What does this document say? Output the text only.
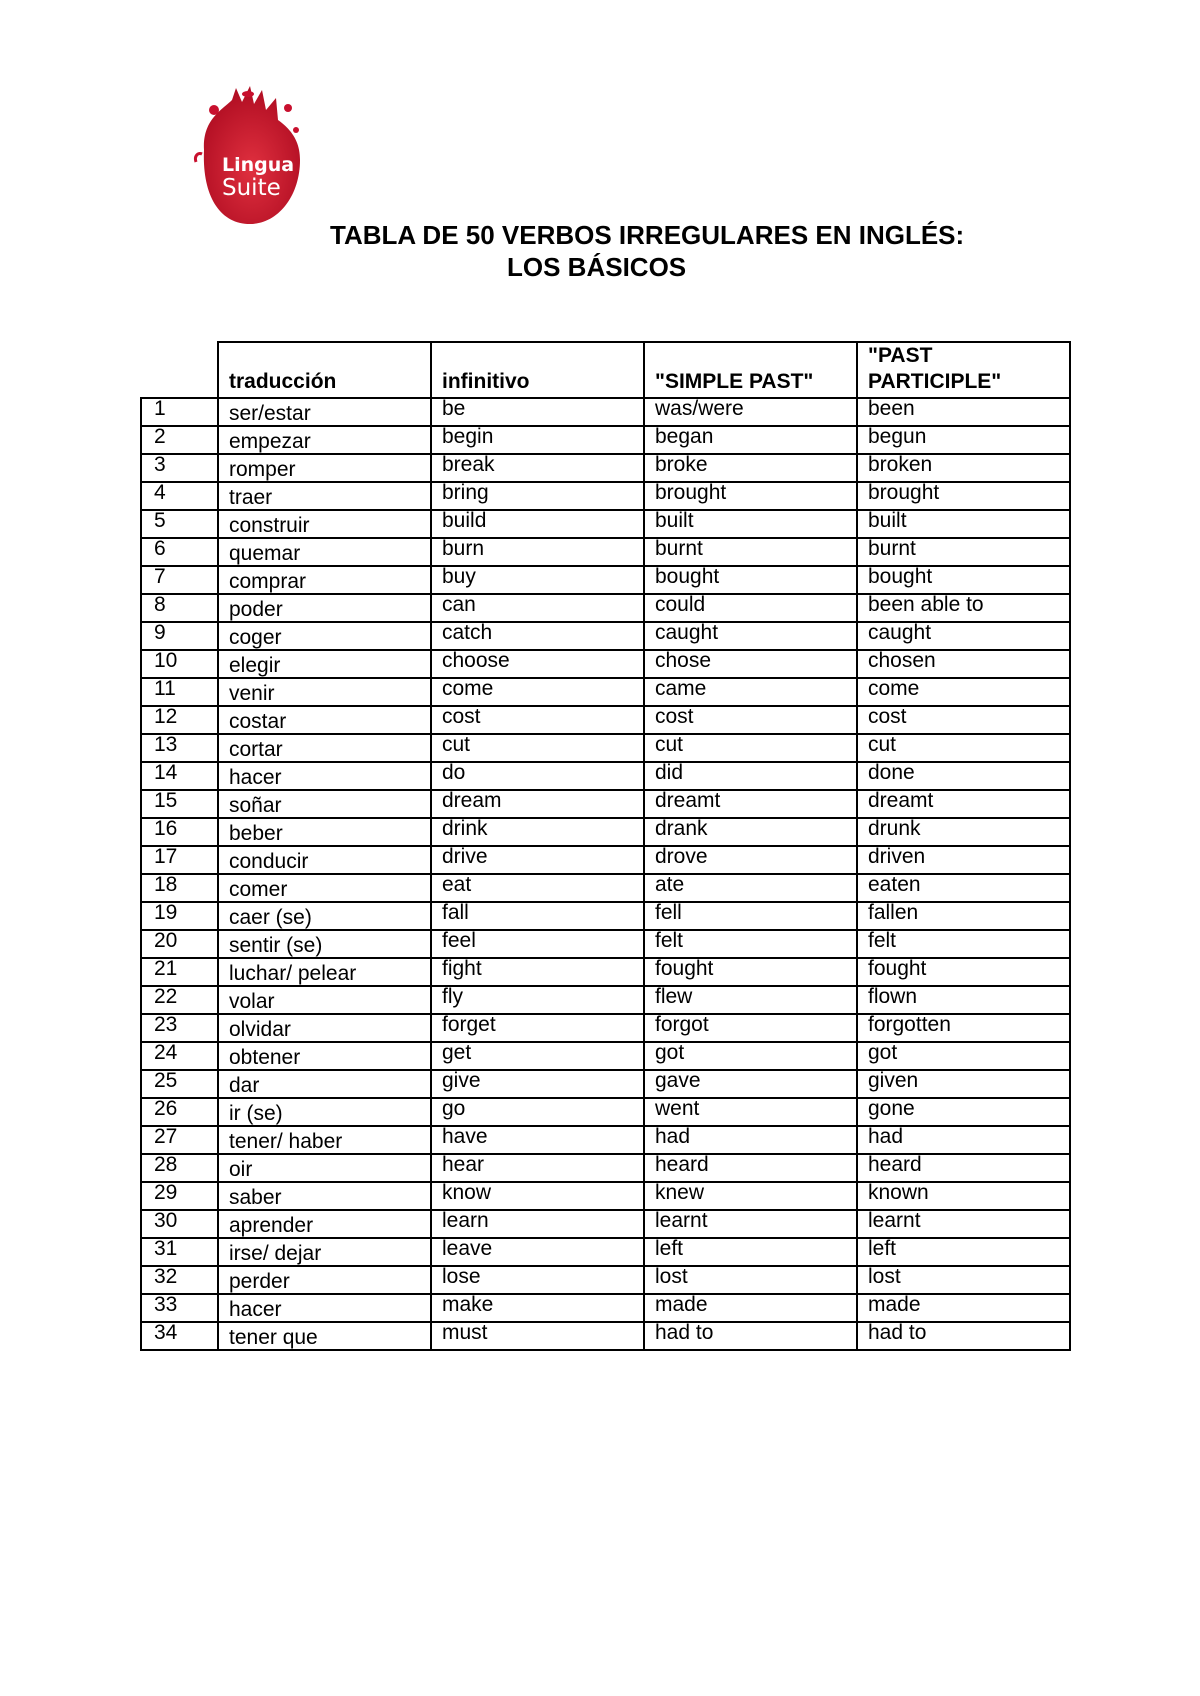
Lingua
Suite
TABLA DE 50 VERBOS IRREGULARES EN INGLÉS:
LOS BÁSICOS
	traducción	infinitivo	"SIMPLE PAST"	"PAST PARTICIPLE"
1	ser/estar	be	was/were	been
2	empezar	begin	began	begun
3	romper	break	broke	broken
4	traer	bring	brought	brought
5	construir	build	built	built
6	quemar	burn	burnt	burnt
7	comprar	buy	bought	bought
8	poder	can	could	been able to
9	coger	catch	caught	caught
10	elegir	choose	chose	chosen
11	venir	come	came	come
12	costar	cost	cost	cost
13	cortar	cut	cut	cut
14	hacer	do	did	done
15	soñar	dream	dreamt	dreamt
16	beber	drink	drank	drunk
17	conducir	drive	drove	driven
18	comer	eat	ate	eaten
19	caer (se)	fall	fell	fallen
20	sentir (se)	feel	felt	felt
21	luchar/ pelear	fight	fought	fought
22	volar	fly	flew	flown
23	olvidar	forget	forgot	forgotten
24	obtener	get	got	got
25	dar	give	gave	given
26	ir (se)	go	went	gone
27	tener/ haber	have	had	had
28	oir	hear	heard	heard
29	saber	know	knew	known
30	aprender	learn	learnt	learnt
31	irse/ dejar	leave	left	left
32	perder	lose	lost	lost
33	hacer	make	made	made
34	tener que	must	had to	had to
